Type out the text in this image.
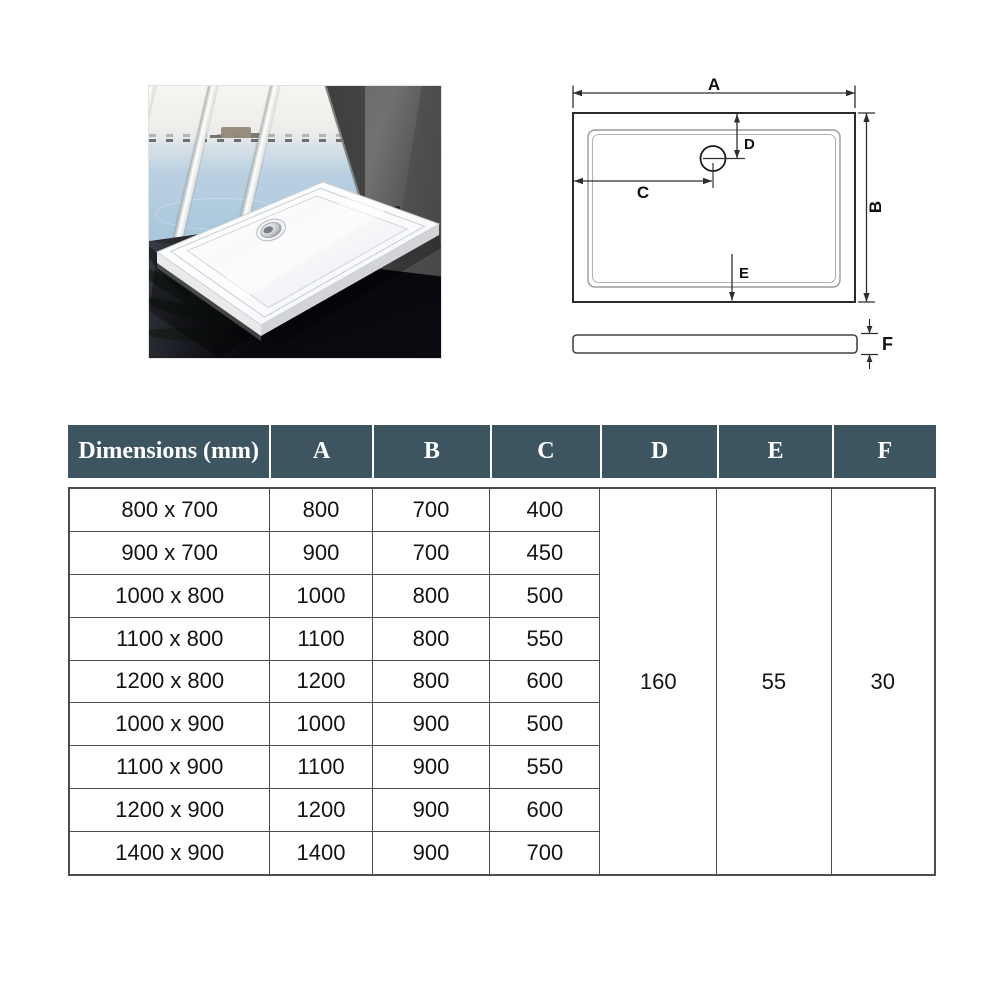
A
B
D
C
E
F
Dimensions (mm)	A	B	C	D	E	F
800 x 700	800	700	400	160	55	30
900 x 700	900	700	450			
1000 x 800	1000	800	500			
1100 x 800	1100	800	550			
1200 x 800	1200	800	600			
1000 x 900	1000	900	500			
1100 x 900	1100	900	550			
1200 x 900	1200	900	600			
1400 x 900	1400	900	700			
